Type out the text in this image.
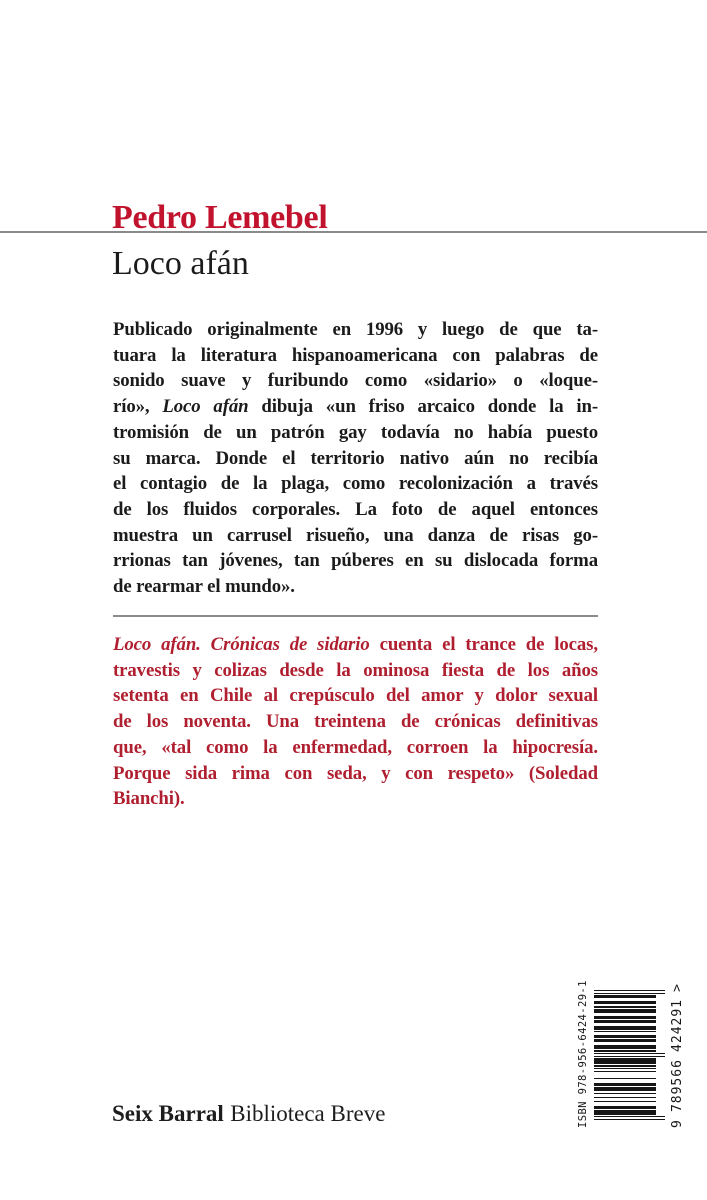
Pedro Lemebel
Loco afán
Publicado originalmente en 1996 y luego de que ta-
tuara la literatura hispanoamericana con palabras de
sonido suave y furibundo como «sidario» o «loque-
río», Loco afán dibuja «un friso arcaico donde la in-
tromisión de un patrón gay todavía no había puesto
su marca. Donde el territorio nativo aún no recibía
el contagio de la plaga, como recolonización a través
de los fluidos corporales. La foto de aquel entonces
muestra un carrusel risueño, una danza de risas go-
rrionas tan jóvenes, tan púberes en su dislocada forma
de rearmar el mundo».
Loco afán. Crónicas de sidario cuenta el trance de locas,
travestis y colizas desde la ominosa fiesta de los años
setenta en Chile al crepúsculo del amor y dolor sexual
de los noventa. Una treintena de crónicas definitivas
que, «tal como la enfermedad, corroen la hipocresía.
Porque sida rima con seda, y con respeto» (Soledad
Bianchi).
ISBN 978-956-6424-29-1	9
789566
424291
>
Seix Barral Biblioteca Breve
